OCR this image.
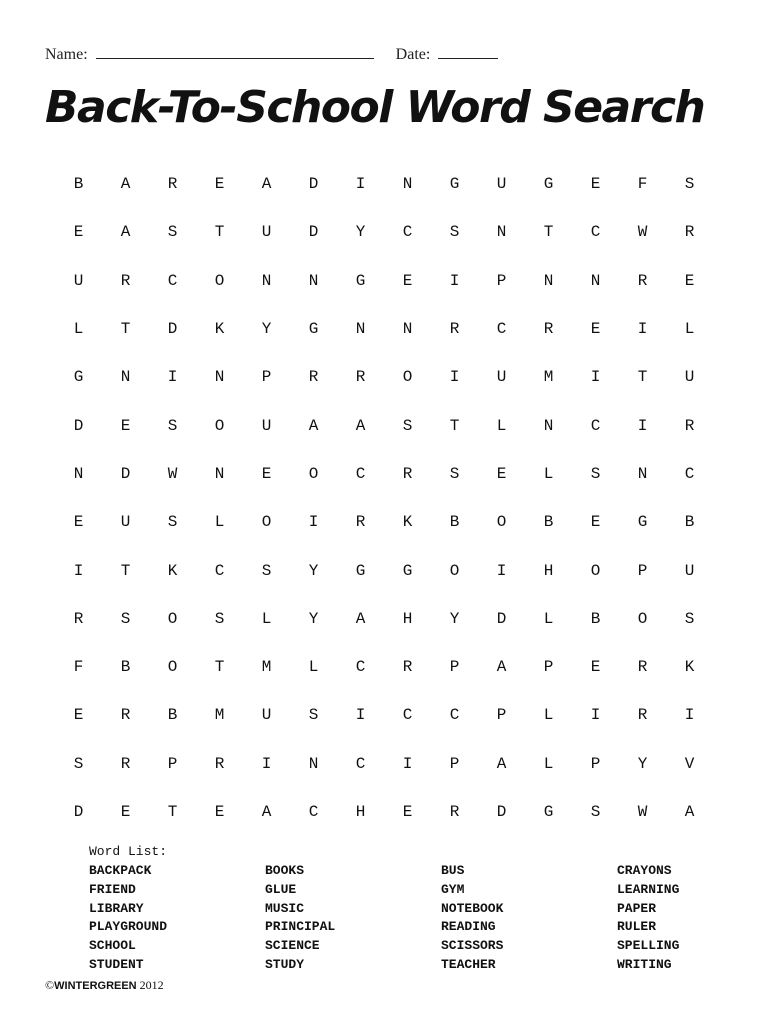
Name:	Date:
Back-To-School Word Search
B	A	R	E	A	D	I	N	G	U	G	E	F	S
E	A	S	T	U	D	Y	C	S	N	T	C	W	R
U	R	C	O	N	N	G	E	I	P	N	N	R	E
L	T	D	K	Y	G	N	N	R	C	R	E	I	L
G	N	I	N	P	R	R	O	I	U	M	I	T	U
D	E	S	O	U	A	A	S	T	L	N	C	I	R
N	D	W	N	E	O	C	R	S	E	L	S	N	C
E	U	S	L	O	I	R	K	B	O	B	E	G	B
I	T	K	C	S	Y	G	G	O	I	H	O	P	U
R	S	O	S	L	Y	A	H	Y	D	L	B	O	S
F	B	O	T	M	L	C	R	P	A	P	E	R	K
E	R	B	M	U	S	I	C	C	P	L	I	R	I
S	R	P	R	I	N	C	I	P	A	L	P	Y	V
D	E	T	E	A	C	H	E	R	D	G	S	W	A
Word List:
BACKPACK	BOOKS	BUS	CRAYONS
FRIEND	GLUE	GYM	LEARNING
LIBRARY	MUSIC	NOTEBOOK	PAPER
PLAYGROUND	PRINCIPAL	READING	RULER
SCHOOL	SCIENCE	SCISSORS	SPELLING
STUDENT	STUDY	TEACHER	WRITING
©WINTERGREEN 2012
